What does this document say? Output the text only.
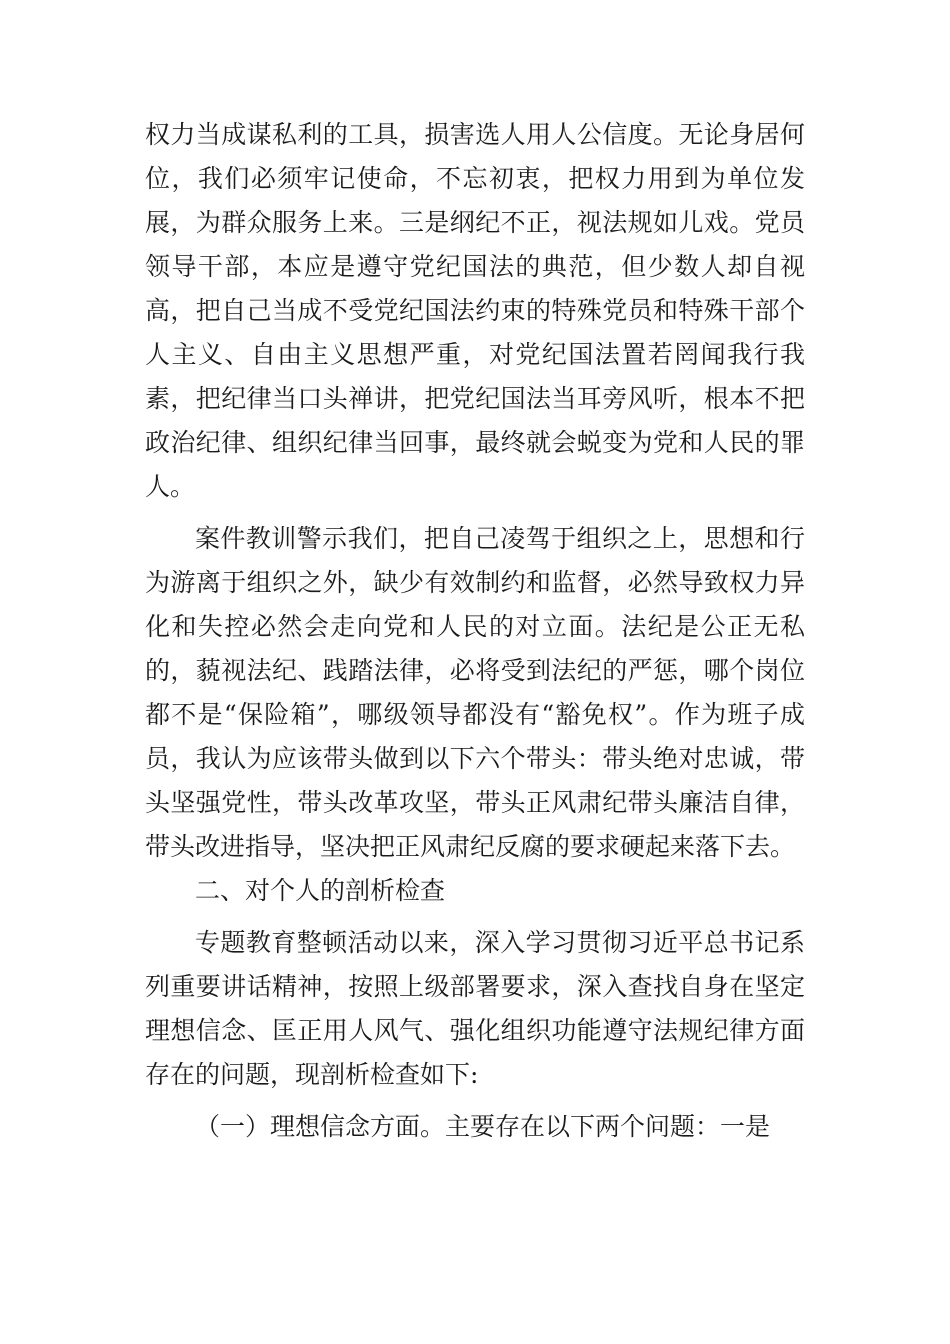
权力当成谋私利的工具，损害选人用人公信度。无论身居何位，我们必须牢记使命，不忘初衷，把权力用到为单位发展，为群众服务上来。三是纲纪不正，视法规如儿戏。党员领导干部，本应是遵守党纪国法的典范，但少数人却自视高，把自己当成不受党纪国法约束的特殊党员和特殊干部个人主义、自由主义思想严重，对党纪国法置若罔闻我行我素，把纪律当口头禅讲，把党纪国法当耳旁风听，根本不把政治纪律、组织纪律当回事，最终就会蜕变为党和人民的罪人。

案件教训警示我们，把自己凌驾于组织之上，思想和行为游离于组织之外，缺少有效制约和监督，必然导致权力异化和失控必然会走向党和人民的对立面。法纪是公正无私的，藐视法纪、践踏法律，必将受到法纪的严惩，哪个岗位都不是“保险箱”，哪级领导都没有“豁免权”。作为班子成员，我认为应该带头做到以下六个带头：带头绝对忠诚，带头坚强党性，带头改革攻坚，带头正风肃纪带头廉洁自律，带头改进指导，坚决把正风肃纪反腐的要求硬起来落下去。

二、对个人的剖析检查

专题教育整顿活动以来，深入学习贯彻习近平总书记系列重要讲话精神，按照上级部署要求，深入查找自身在坚定理想信念、匡正用人风气、强化组织功能遵守法规纪律方面存在的问题，现剖析检查如下:

（一）理想信念方面。主要存在以下两个问题：一是
